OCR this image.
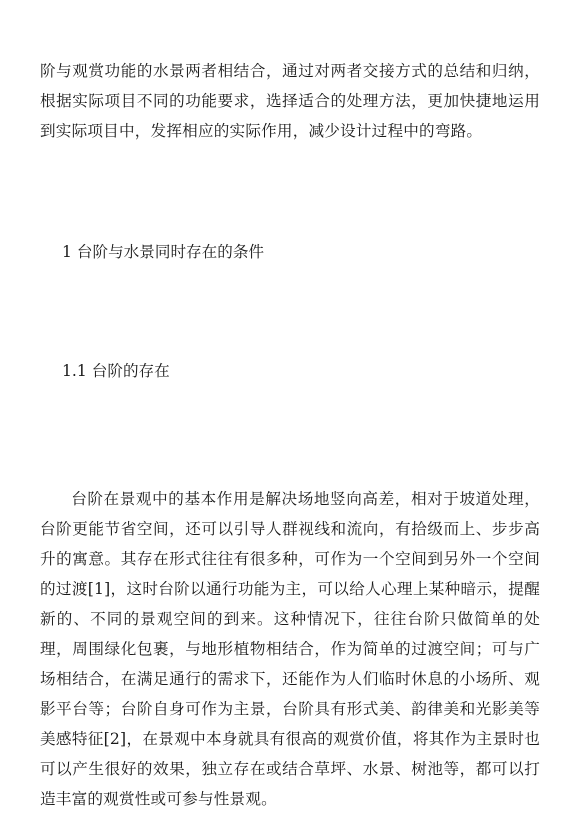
阶与观赏功能的水景两者相结合，通过对两者交接方式的总结和归纳，根据实际项目不同的功能要求，选择适合的处理方法，更加快捷地运用到实际项目中，发挥相应的实际作用，减少设计过程中的弯路。

1 台阶与水景同时存在的条件
1.1 台阶的存在

台阶在景观中的基本作用是解决场地竖向高差，相对于坡道处理，台阶更能节省空间，还可以引导人群视线和流向，有拾级而上、步步高升的寓意。其存在形式往往有很多种，可作为一个空间到另外一个空间的过渡[1]，这时台阶以通行功能为主，可以给人心理上某种暗示，提醒新的、不同的景观空间的到来。这种情况下，往往台阶只做简单的处理，周围绿化包裹，与地形植物相结合，作为简单的过渡空间；可与广场相结合，在满足通行的需求下，还能作为人们临时休息的小场所、观影平台等；台阶自身可作为主景，台阶具有形式美、韵律美和光影美等美感特征[2]，在景观中本身就具有很高的观赏价值，将其作为主景时也可以产生很好的效果，独立存在或结合草坪、水景、树池等，都可以打造丰富的观赏性或可参与性景观。
